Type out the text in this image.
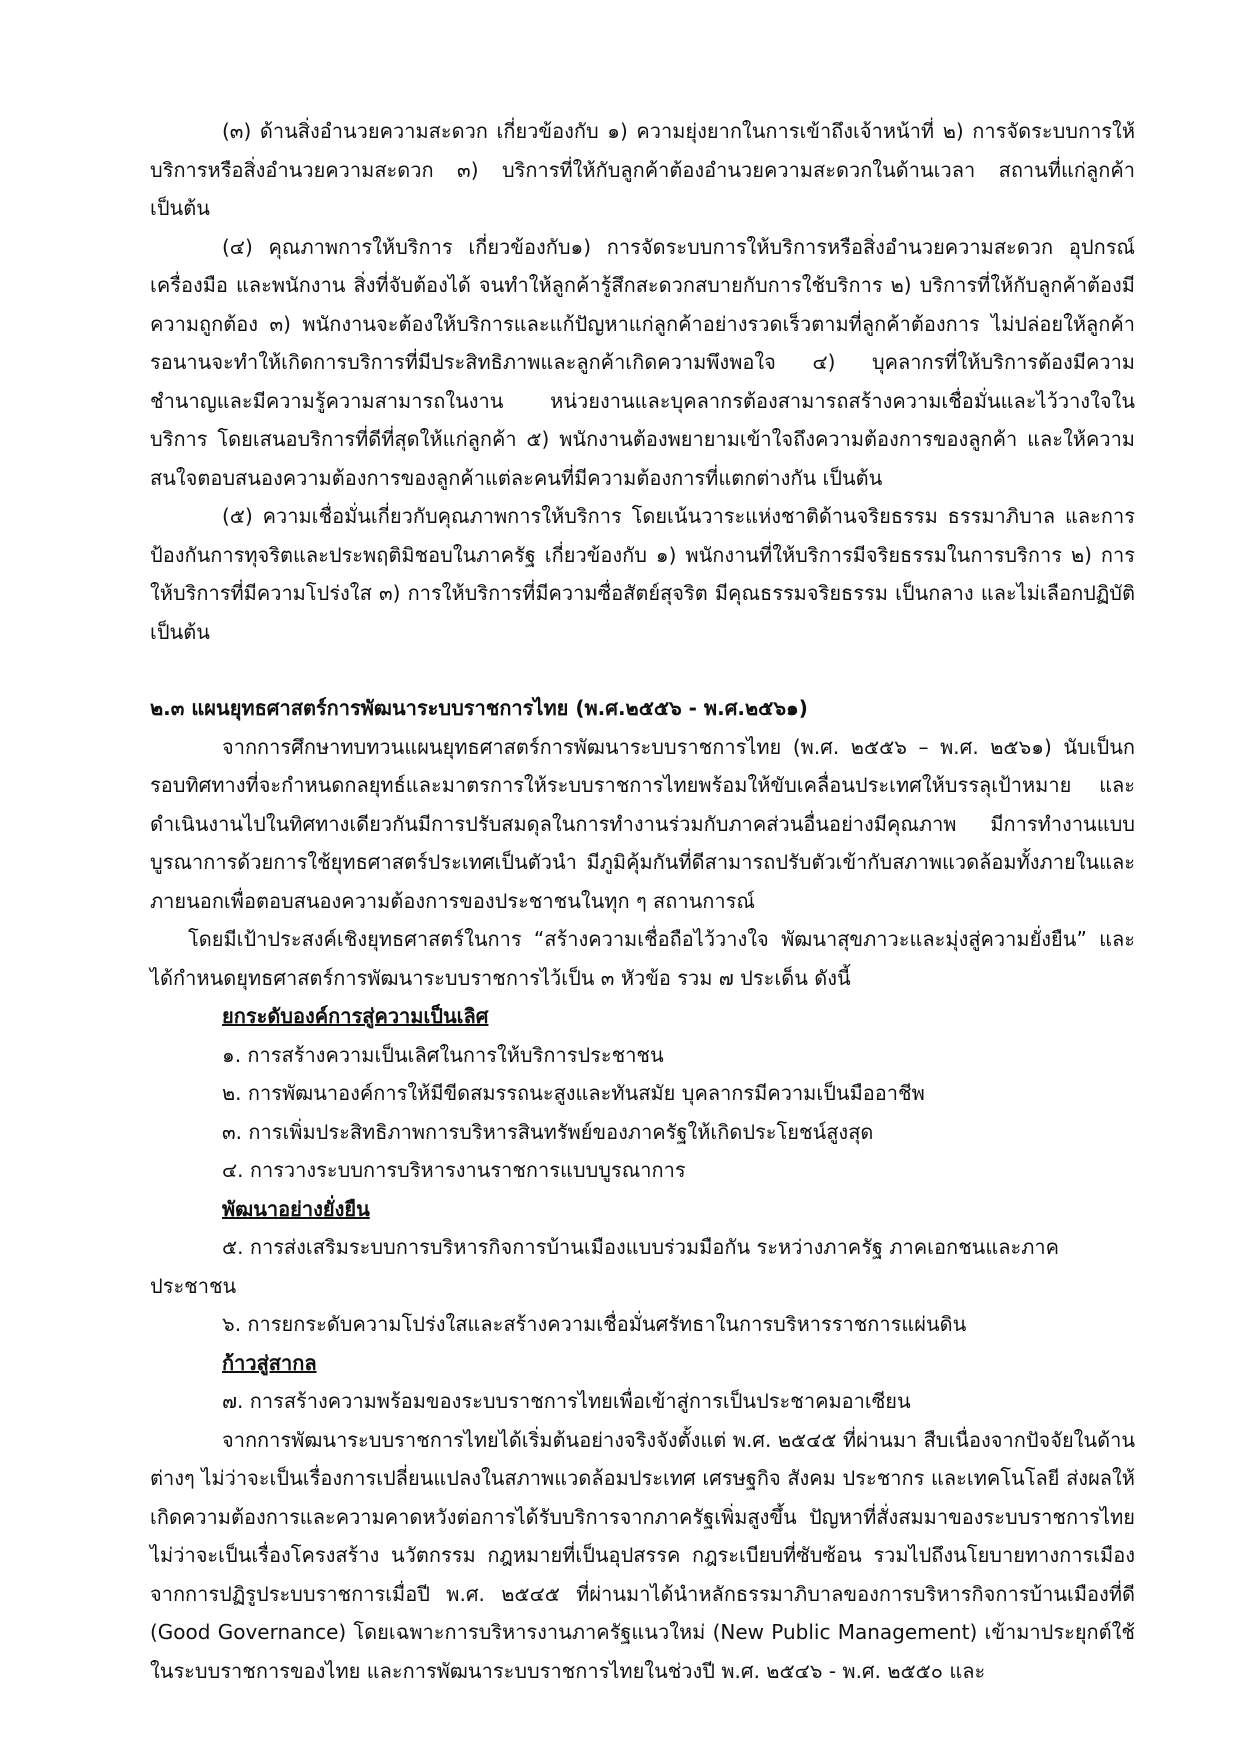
(๓) ด้านสิ่งอำนวยความสะดวก เกี่ยวข้องกับ ๑) ความยุ่งยากในการเข้าถึงเจ้าหน้าที่ ๒) การจัดระบบการให้บริการหรือสิ่งอำนวยความสะดวก ๓) บริการที่ให้กับลูกค้าต้องอำนวยความสะดวกในด้านเวลา สถานที่แก่ลูกค้า เป็นต้น

(๔) คุณภาพการให้บริการ เกี่ยวข้องกับ๑) การจัดระบบการให้บริการหรือสิ่งอำนวยความสะดวก อุปกรณ์เครื่องมือ และพนักงาน สิ่งที่จับต้องได้ จนทำให้ลูกค้ารู้สึกสะดวกสบายกับการใช้บริการ ๒) บริการที่ให้กับลูกค้าต้องมีความถูกต้อง ๓) พนักงานจะต้องให้บริการและแก้ปัญหาแก่ลูกค้าอย่างรวดเร็วตามที่ลูกค้าต้องการ ไม่ปล่อยให้ลูกค้ารอนานจะทำให้เกิดการบริการที่มีประสิทธิภาพและลูกค้าเกิดความพึงพอใจ ๔) บุคลากรที่ให้บริการต้องมีความชำนาญและมีความรู้ความสามารถในงาน หน่วยงานและบุคลากรต้องสามารถสร้างความเชื่อมั่นและไว้วางใจในบริการ โดยเสนอบริการที่ดีที่สุดให้แก่ลูกค้า ๕) พนักงานต้องพยายามเข้าใจถึงความต้องการของลูกค้า และให้ความสนใจตอบสนองความต้องการของลูกค้าแต่ละคนที่มีความต้องการที่แตกต่างกัน เป็นต้น

(๕) ความเชื่อมั่นเกี่ยวกับคุณภาพการให้บริการ โดยเน้นวาระแห่งชาติด้านจริยธรรม ธรรมาภิบาล และการป้องกันการทุจริตและประพฤติมิชอบในภาครัฐ เกี่ยวข้องกับ ๑) พนักงานที่ให้บริการมีจริยธรรมในการบริการ ๒) การให้บริการที่มีความโปร่งใส ๓) การให้บริการที่มีความซื่อสัตย์สุจริต มีคุณธรรมจริยธรรม เป็นกลาง และไม่เลือกปฏิบัติ เป็นต้น

๒.๓ แผนยุทธศาสตร์การพัฒนาระบบราชการไทย (พ.ศ.๒๕๕๖ - พ.ศ.๒๕๖๑)

จากการศึกษาทบทวนแผนยุทธศาสตร์การพัฒนาระบบราชการไทย (พ.ศ. ๒๕๕๖ – พ.ศ. ๒๕๖๑) นับเป็นกรอบทิศทางที่จะกำหนดกลยุทธ์และมาตรการให้ระบบราชการไทยพร้อมให้ขับเคลื่อนประเทศให้บรรลุเป้าหมาย และดำเนินงานไปในทิศทางเดียวกันมีการปรับสมดุลในการทำงานร่วมกับภาคส่วนอื่นอย่างมีคุณภาพ มีการทำงานแบบบูรณาการด้วยการใช้ยุทธศาสตร์ประเทศเป็นตัวนำ มีภูมิคุ้มกันที่ดีสามารถปรับตัวเข้ากับสภาพแวดล้อมทั้งภายในและภายนอกเพื่อตอบสนองความต้องการของประชาชนในทุก ๆ สถานการณ์

โดยมีเป้าประสงค์เชิงยุทธศาสตร์ในการ “สร้างความเชื่อถือไว้วางใจ พัฒนาสุขภาวะและมุ่งสู่ความยั่งยืน” และได้กำหนดยุทธศาสตร์การพัฒนาระบบราชการไว้เป็น ๓ หัวข้อ รวม ๗ ประเด็น ดังนี้

ยกระดับองค์การสู่ความเป็นเลิศ

๑. การสร้างความเป็นเลิศในการให้บริการประชาชน

๒. การพัฒนาองค์การให้มีขีดสมรรถนะสูงและทันสมัย บุคลากรมีความเป็นมืออาชีพ

๓. การเพิ่มประสิทธิภาพการบริหารสินทรัพย์ของภาครัฐให้เกิดประโยชน์สูงสุด

๔. การวางระบบการบริหารงานราชการแบบบูรณาการ

พัฒนาอย่างยั่งยืน

๕. การส่งเสริมระบบการบริหารกิจการบ้านเมืองแบบร่วมมือกัน ระหว่างภาครัฐ ภาคเอกชนและภาคประชาชน

๖. การยกระดับความโปร่งใสและสร้างความเชื่อมั่นศรัทธาในการบริหารราชการแผ่นดิน

ก้าวสู่สากล

๗. การสร้างความพร้อมของระบบราชการไทยเพื่อเข้าสู่การเป็นประชาคมอาเซียน

จากการพัฒนาระบบราชการไทยได้เริ่มต้นอย่างจริงจังตั้งแต่ พ.ศ. ๒๕๔๕ ที่ผ่านมา สืบเนื่องจากปัจจัยในด้านต่างๆ ไม่ว่าจะเป็นเรื่องการเปลี่ยนแปลงในสภาพแวดล้อมประเทศ เศรษฐกิจ สังคม ประชากร และเทคโนโลยี ส่งผลให้เกิดความต้องการและความคาดหวังต่อการได้รับบริการจากภาครัฐเพิ่มสูงขึ้น ปัญหาที่สั่งสมมาของระบบราชการไทย ไม่ว่าจะเป็นเรื่องโครงสร้าง นวัตกรรม กฎหมายที่เป็นอุปสรรค กฎระเบียบที่ซับซ้อน รวมไปถึงนโยบายทางการเมือง จากการปฏิรูประบบราชการเมื่อปี พ.ศ. ๒๕๔๕ ที่ผ่านมาได้นำหลักธรรมาภิบาลของการบริหารกิจการบ้านเมืองที่ดี (Good Governance) โดยเฉพาะการบริหารงานภาครัฐแนวใหม่ (New Public Management) เข้ามาประยุกต์ใช้ในระบบราชการของไทย และการพัฒนาระบบราชการไทยในช่วงปี พ.ศ. ๒๕๔๖ - พ.ศ. ๒๕๕๐ และ
